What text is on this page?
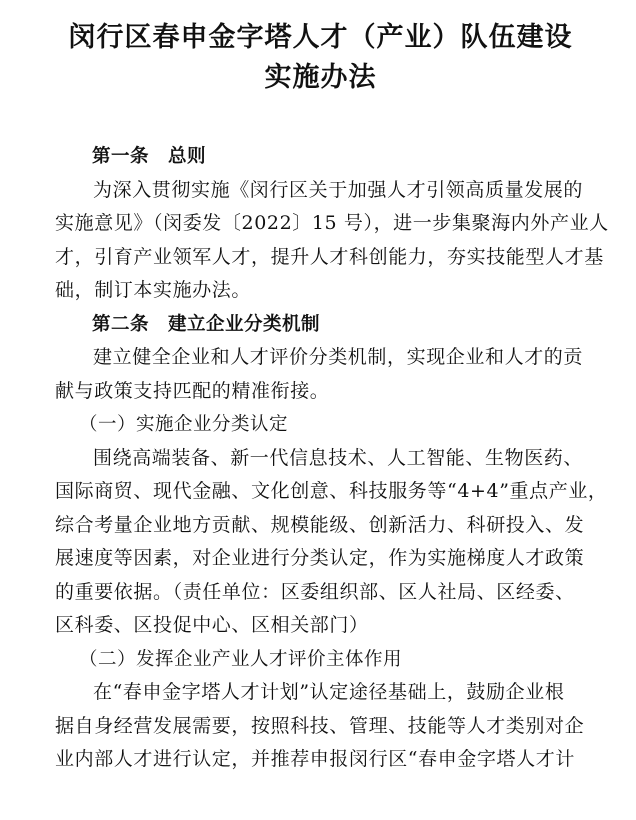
闵行区春申金字塔人才（产业）队伍建设
实施办法

第一条　总则

为深入贯彻实施《闵行区关于加强人才引领高质量发展的

实施意见》（闵委发〔2022〕15 号），进一步集聚海内外产业人
才，引育产业领军人才，提升人才科创能力，夯实技能型人才基
础，制订本实施办法。

第二条　建立企业分类机制

建立健全企业和人才评价分类机制，实现企业和人才的贡

献与政策支持匹配的精准衔接。

（一）实施企业分类认定

围绕高端装备、新一代信息技术、人工智能、生物医药、

国际商贸、现代金融、文化创意、科技服务等“4+4”重点产业，
综合考量企业地方贡献、规模能级、创新活力、科研投入、发
展速度等因素，对企业进行分类认定，作为实施梯度人才政策
的重要依据。（责任单位：区委组织部、区人社局、区经委、
区科委、区投促中心、区相关部门）

（二）发挥企业产业人才评价主体作用

在“春申金字塔人才计划”认定途径基础上，鼓励企业根

据自身经营发展需要，按照科技、管理、技能等人才类别对企
业内部人才进行认定，并推荐申报闵行区“春申金字塔人才计
